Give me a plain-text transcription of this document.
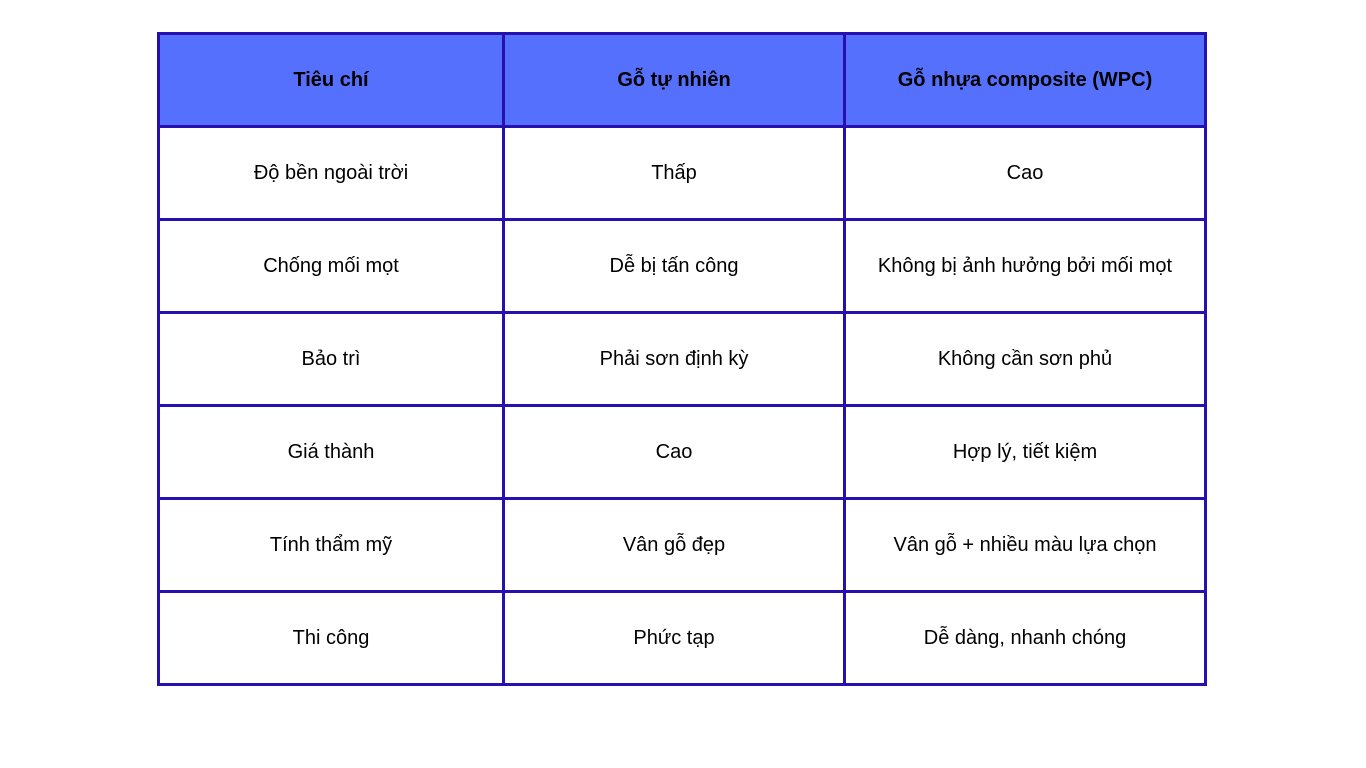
Tiêu chí	Gỗ tự nhiên	Gỗ nhựa composite (WPC)
Độ bền ngoài trời	Thấp	Cao
Chống mối mọt	Dễ bị tấn công	Không bị ảnh hưởng bởi mối mọt
Bảo trì	Phải sơn định kỳ	Không cần sơn phủ
Giá thành	Cao	Hợp lý, tiết kiệm
Tính thẩm mỹ	Vân gỗ đẹp	Vân gỗ + nhiều màu lựa chọn
Thi công	Phức tạp	Dễ dàng, nhanh chóng
